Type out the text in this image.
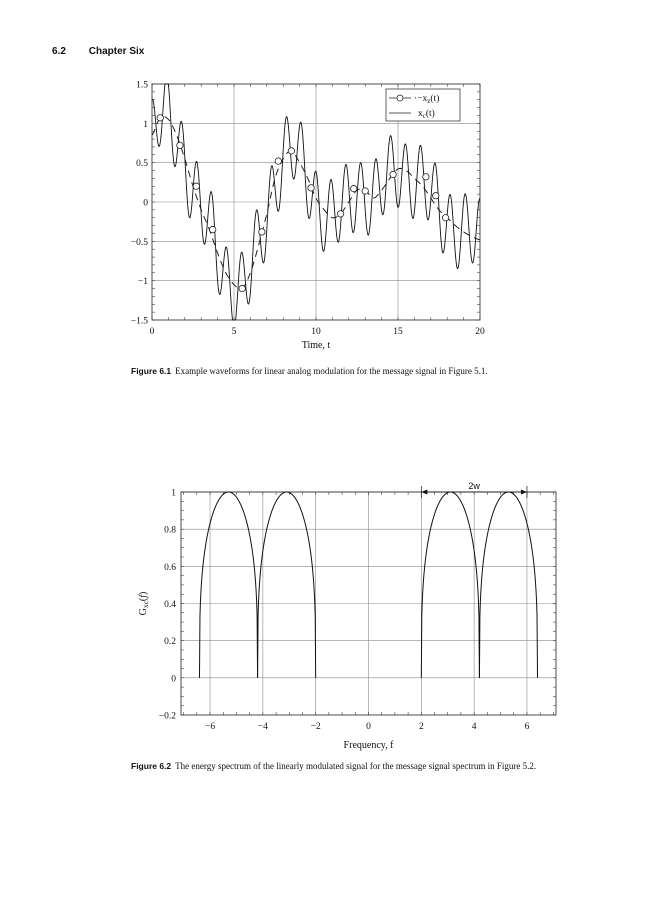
6.2 Chapter Six
0	5	10	15	20
1.5
1
0.5
0
−0.5
−1
−1.5
Time, t
$\cdot-x_z(t)$
$x_c(t)$
−6	−4	−2	0	2	4	6
1
0.8
0.6
0.4
0.2
0
−0.2
Frequency, f
$G_{xc}(f)$
2w
Figure 6.1 Example waveforms for linear analog modulation for the message signal in Figure 5.1.
Figure 6.2 The energy spectrum of the linearly modulated signal for the message signal spectrum in Figure 5.2.
